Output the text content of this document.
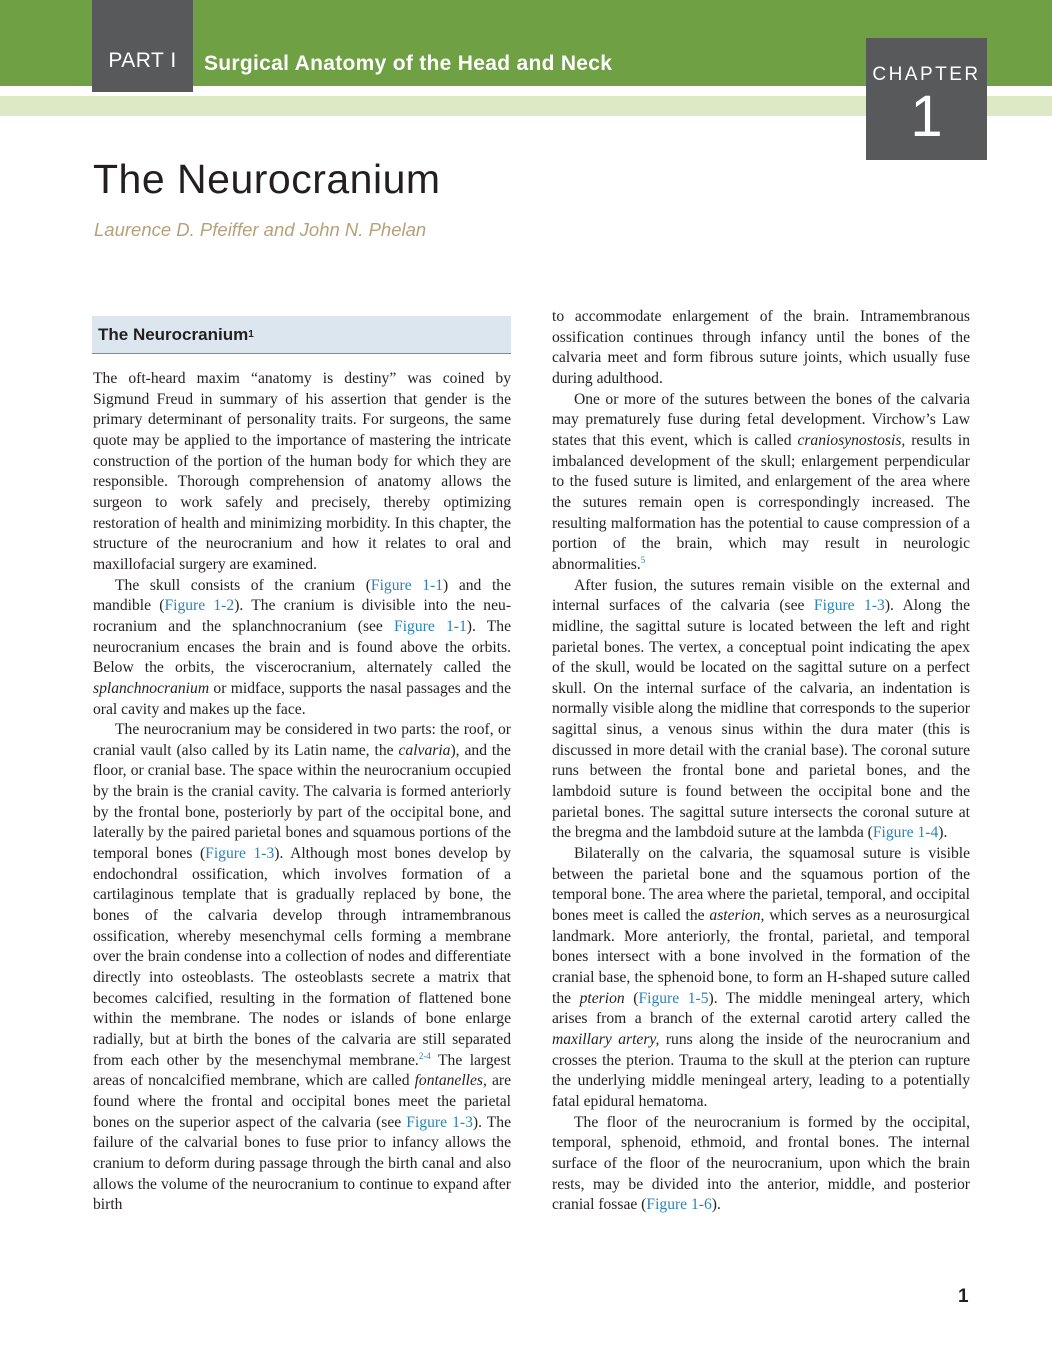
PART I Surgical Anatomy of the Head and Neck	CHAPTER
1
The Neurocranium
Laurence D. Pfeiffer and John N. Phelan
The Neurocranium 1

The oft-heard maxim “anatomy is destiny” was coined by Sigmund Freud in summary of his assertion that gender is the primary determinant of personality traits. For surgeons, the same quote may be applied to the importance of mastering the intricate construction of the portion of the human body for which they are responsible. Thorough comprehension of anatomy allows the surgeon to work safely and precisely, thereby optimizing restoration of health and minimizing morbidity. In this chapter, the structure of the neurocranium and how it relates to oral and maxillofacial surgery are examined.

The skull consists of the cranium (Figure 1-1) and the mandible (Figure 1-2). The cranium is divisible into the neurocranium and the splanchnocranium (see Figure 1-1). The neurocranium encases the brain and is found above the orbits. Below the orbits, the viscerocranium, alternately called the splanchnocranium or midface, supports the nasal passages and the oral cavity and makes up the face.

The neurocranium may be considered in two parts: the roof, or cranial vault (also called by its Latin name, the calvaria), and the floor, or cranial base. The space within the neurocranium occupied by the brain is the cranial cavity. The calvaria is formed anteriorly by the frontal bone, posteriorly by part of the occipital bone, and laterally by the paired parietal bones and squamous portions of the temporal bones (Figure 1-3). Although most bones develop by endochondral ossification, which involves formation of a cartilaginous template that is gradually replaced by bone, the bones of the calvaria develop through intramembranous ossification, whereby mesenchymal cells forming a membrane over the brain condense into a collection of nodes and differentiate directly into osteoblasts. The osteoblasts secrete a matrix that becomes calcified, resulting in the formation of flattened bone within the membrane. The nodes or islands of bone enlarge radially, but at birth the bones of the calvaria are still separated from each other by the mesenchymal membrane.$^{2-4}$ The largest areas of noncalcified membrane, which are called fontanelles, are found where the frontal and occipital bones meet the parietal bones on the superior aspect of the calvaria (see Figure 1-3). The failure of the calvarial bones to fuse prior to infancy allows the cranium to deform during passage through the birth canal and also allows the volume of the neurocranium to continue to expand after birth

to accommodate enlargement of the brain. Intramembranous ossification continues through infancy until the bones of the calvaria meet and form fibrous suture joints, which usually fuse during adulthood.

One or more of the sutures between the bones of the calvaria may prematurely fuse during fetal development. Virchow’s Law states that this event, which is called craniosynostosis, results in imbalanced development of the skull; enlargement perpendicular to the fused suture is limited, and enlargement of the area where the sutures remain open is correspondingly increased. The resulting malformation has the potential to cause compression of a portion of the brain, which may result in neurologic abnormalities.$^5$

After fusion, the sutures remain visible on the external and internal surfaces of the calvaria (see Figure 1-3). Along the midline, the sagittal suture is located between the left and right parietal bones. The vertex, a conceptual point indicating the apex of the skull, would be located on the sagittal suture on a perfect skull. On the internal surface of the calvaria, an indentation is normally visible along the midline that corresponds to the superior sagittal sinus, a venous sinus within the dura mater (this is discussed in more detail with the cranial base). The coronal suture runs between the frontal bone and parietal bones, and the lambdoid suture is found between the occipital bone and the parietal bones. The sagittal suture intersects the coronal suture at the bregma and the lambdoid suture at the lambda (Figure 1-4).

Bilaterally on the calvaria, the squamosal suture is visible between the parietal bone and the squamous portion of the temporal bone. The area where the parietal, temporal, and occipital bones meet is called the asterion, which serves as a neurosurgical landmark. More anteriorly, the frontal, parietal, and temporal bones intersect with a bone involved in the formation of the cranial base, the sphenoid bone, to form an H-shaped suture called the pterion (Figure 1-5). The middle meningeal artery, which arises from a branch of the external carotid artery called the maxillary artery, runs along the inside of the neurocranium and crosses the pterion. Trauma to the skull at the pterion can rupture the underlying middle meningeal artery, leading to a potentially fatal epidural hematoma.

The floor of the neurocranium is formed by the occipital, temporal, sphenoid, ethmoid, and frontal bones. The internal surface of the floor of the neurocranium, upon which the brain rests, may be divided into the anterior, middle, and posterior cranial fossae (Figure 1-6).

1
